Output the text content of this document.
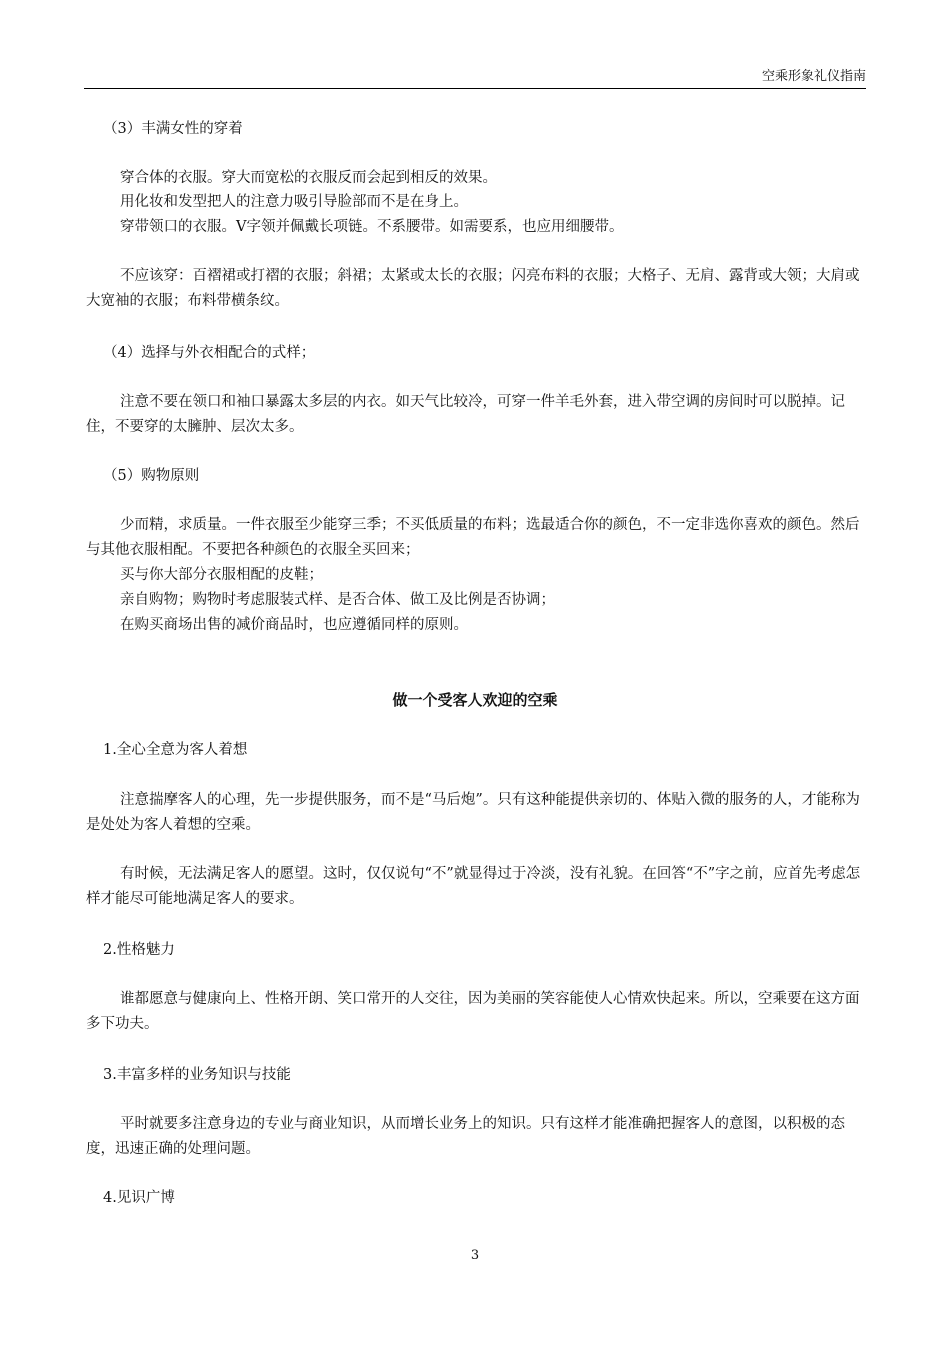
空乘形象礼仪指南
（3）丰满女性的穿着
穿合体的衣服。穿大而宽松的衣服反而会起到相反的效果。
用化妆和发型把人的注意力吸引导脸部而不是在身上。
穿带领口的衣服。V字领并佩戴长项链。不系腰带。如需要系，也应用细腰带。
不应该穿：百褶裙或打褶的衣服；斜裙；太紧或太长的衣服；闪亮布料的衣服；大格子、无肩、露背或大领；大肩或大宽袖的衣服；布料带横条纹。
（4）选择与外衣相配合的式样；
注意不要在领口和袖口暴露太多层的内衣。如天气比较冷，可穿一件羊毛外套，进入带空调的房间时可以脱掉。记住，不要穿的太臃肿、层次太多。
（5）购物原则
少而精，求质量。一件衣服至少能穿三季；不买低质量的布料；选最适合你的颜色，不一定非选你喜欢的颜色。然后与其他衣服相配。不要把各种颜色的衣服全买回来；
买与你大部分衣服相配的皮鞋；
亲自购物；购物时考虑服装式样、是否合体、做工及比例是否协调；
在购买商场出售的减价商品时，也应遵循同样的原则。
做一个受客人欢迎的空乘
1.全心全意为客人着想
注意揣摩客人的心理，先一步提供服务，而不是“马后炮”。只有这种能提供亲切的、体贴入微的服务的人，才能称为是处处为客人着想的空乘。
有时候，无法满足客人的愿望。这时，仅仅说句“不”就显得过于冷淡，没有礼貌。在回答“不”字之前，应首先考虑怎样才能尽可能地满足客人的要求。
2.性格魅力
谁都愿意与健康向上、性格开朗、笑口常开的人交往，因为美丽的笑容能使人心情欢快起来。所以，空乘要在这方面多下功夫。
3.丰富多样的业务知识与技能
平时就要多注意身边的专业与商业知识，从而增长业务上的知识。只有这样才能准确把握客人的意图，以积极的态度，迅速正确的处理问题。
4.见识广博
3
